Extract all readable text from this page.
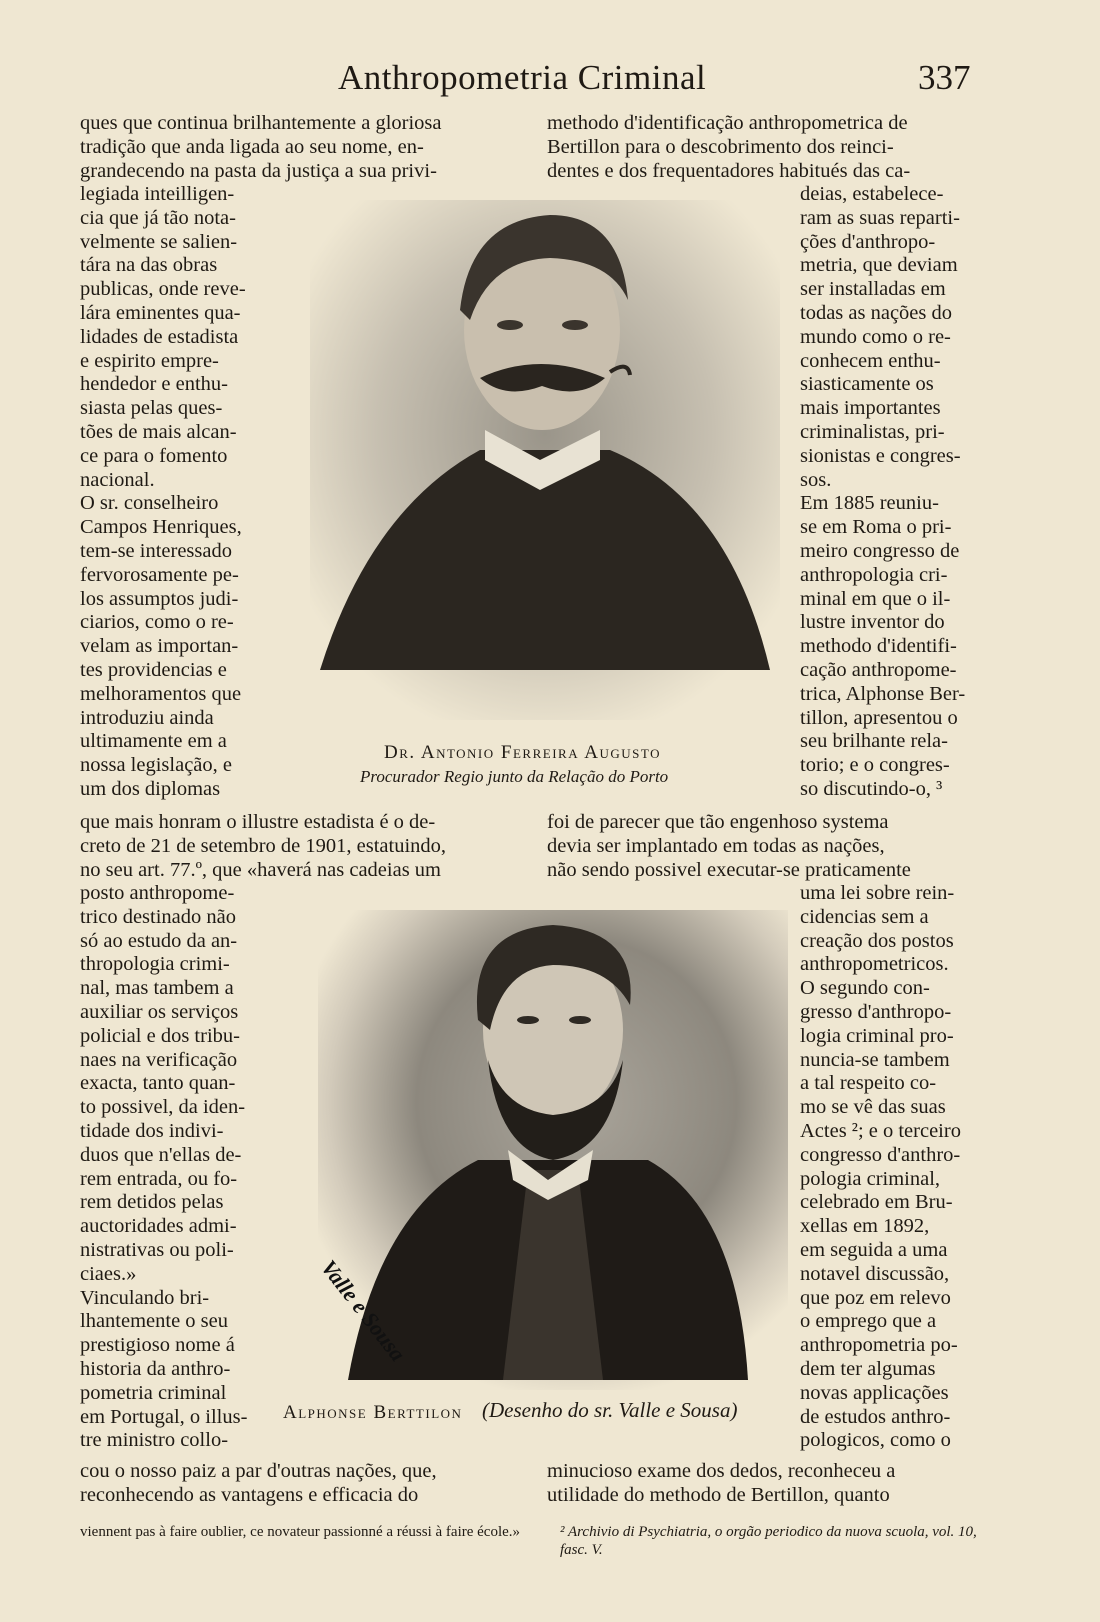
Anthropometria Criminal	337
ques que continua brilhantemente a gloriosa
tradição que anda ligada ao seu nome, en-
grandecendo na pasta da justiça a sua privi-
methodo d'identificação anthropometrica de
Bertillon para o descobrimento dos reinci-
dentes e dos frequentadores habitués das ca-
legiada inteilligen-
cia que já tão nota-
velmente se salien-
tára na das obras
publicas, onde reve-
lára eminentes qua-
lidades de estadista
e espirito empre-
hendedor e enthu-
siasta pelas ques-
tões de mais alcan-
ce para o fomento
nacional.
O sr. conselheiro
Campos Henriques,
tem-se interessado
fervorosamente pe-
los assumptos judi-
ciarios, como o re-
velam as importan-
tes providencias e
melhoramentos que
introduziu ainda
ultimamente em a
nossa legislação, e
um dos diplomas
deias, estabelece-
ram as suas reparti-
ções d'anthropo-
metria, que deviam
ser installadas em
todas as nações do
mundo como o re-
conhecem enthu-
siasticamente os
mais importantes
criminalistas, pri-
sionistas e congres-
sos.
Em 1885 reuniu-
se em Roma o pri-
meiro congresso de
anthropologia cri-
minal em que o il-
lustre inventor do
methodo d'identifi-
cação anthropome-
trica, Alphonse Ber-
tillon, apresentou o
seu brilhante rela-
torio; e o congres-
so discutindo-o, ³
Dr. Antonio Ferreira Augusto
Procurador Regio junto da Relação do Porto
que mais honram o illustre estadista é o de-
creto de 21 de setembro de 1901, estatuindo,
no seu art. 77.º, que «haverá nas cadeias um
foi de parecer que tão engenhoso systema
devia ser implantado em todas as nações,
não sendo possivel executar-se praticamente
posto anthropome-
trico destinado não
só ao estudo da an-
thropologia crimi-
nal, mas tambem a
auxiliar os serviços
policial e dos tribu-
naes na verificação
exacta, tanto quan-
to possivel, da iden-
tidade dos indivi-
duos que n'ellas de-
rem entrada, ou fo-
rem detidos pelas
auctoridades admi-
nistrativas ou poli-
ciaes.»
Vinculando bri-
lhantemente o seu
prestigioso nome á
historia da anthro-
pometria criminal
em Portugal, o illus-
tre ministro collo-
uma lei sobre rein-
cidencias sem a
creação dos postos
anthropometricos.
O segundo con-
gresso d'anthropo-
logia criminal pro-
nuncia-se tambem
a tal respeito co-
mo se vê das suas
Actes ²; e o terceiro
congresso d'anthro-
pologia criminal,
celebrado em Bru-
xellas em 1892,
em seguida a uma
notavel discussão,
que poz em relevo
o emprego que a
anthropometria po-
dem ter algumas
novas applicações
de estudos anthro-
pologicos, como o
Valle e Sousa
Alphonse Berttilon (Desenho do sr. Valle e Sousa)
cou o nosso paiz a par d'outras nações, que,
reconhecendo as vantagens e efficacia do
minucioso exame dos dedos, reconheceu a
utilidade do methodo de Bertillon, quanto
viennent pas à faire oublier, ce novateur passionné a réussi à faire école.»	² Archivio di Psychiatria, o orgão periodico da nuova scuola, vol. 10, fasc. V.
